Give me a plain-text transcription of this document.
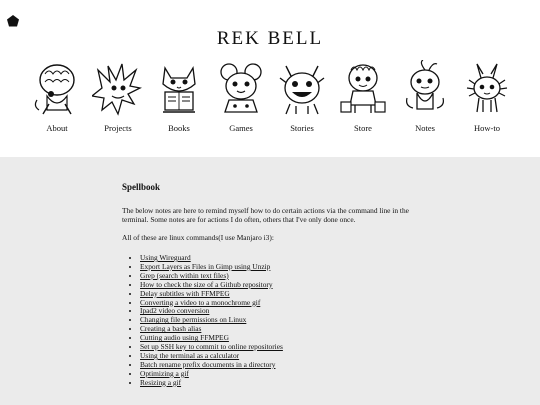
REK BELL
About	Projects	Books	Games	Stories	Store	Notes	How-to
Spellbook

The below notes are here to remind myself how to do certain actions via the command line in the terminal. Some notes are for actions I do often, others that I've only done once.

All of these are linux commands(I use Manjaro i3):

• Using Wireguard
• Export Layers as Files in Gimp using Unzip
• Grep (search within text files)
• How to check the size of a Github repository
• Delay subtitles with FFMPEG
• Converting a video to a monochrome gif
• Ipad2 video conversion
• Changing file permissions on Linux
• Creating a bash alias
• Cutting audio using FFMPEG
• Set up SSH key to commit to online repositories
• Using the terminal as a calculator
• Batch rename prefix documents in a directory
• Optimizing a gif
• Resizing a gif
